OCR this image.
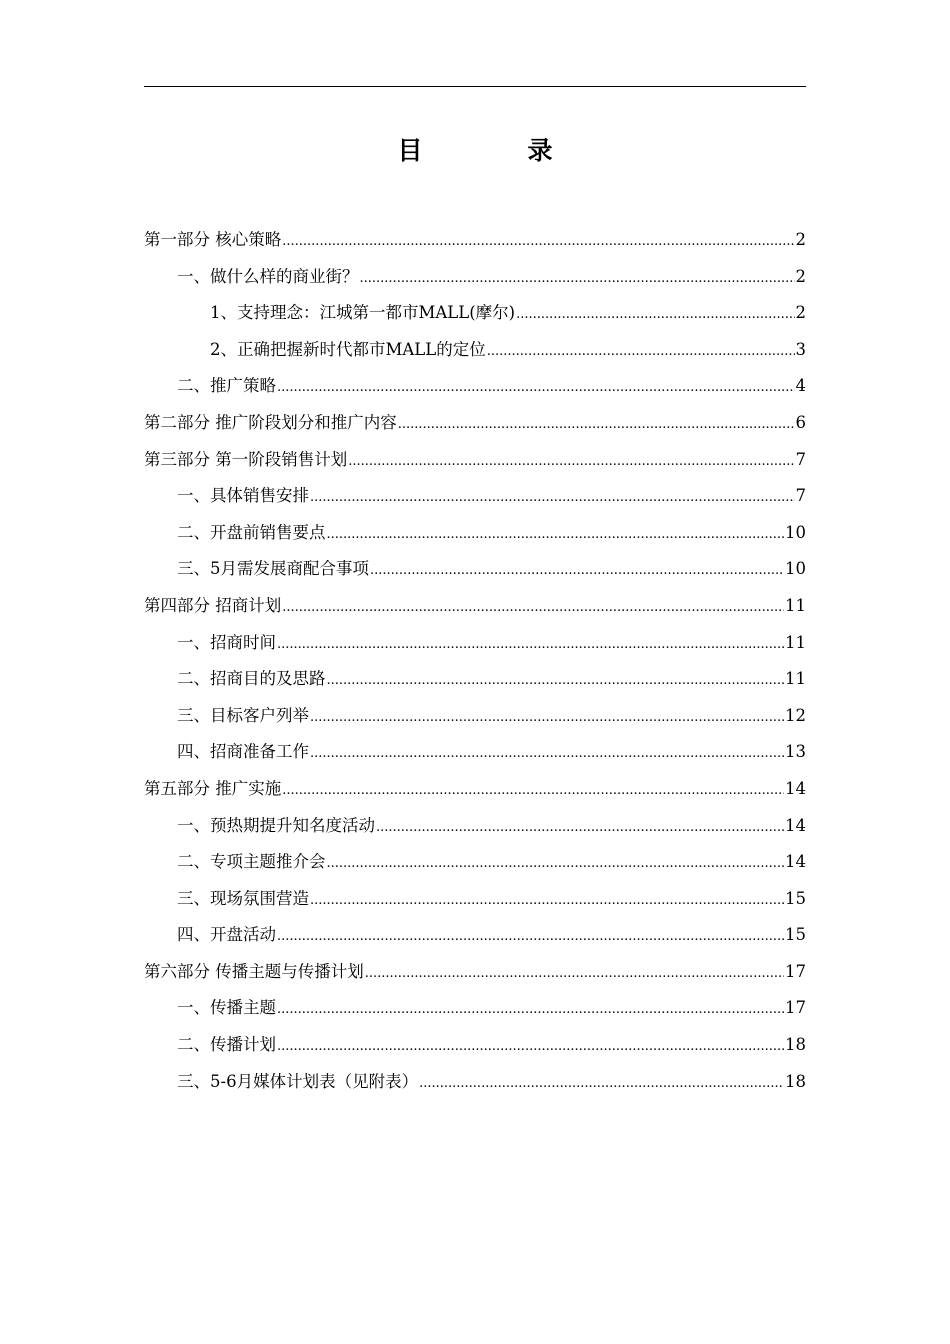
目　录
第一部分 核心策略 .....	2
一、做什么样的商业街？ .....	2
1、支持理念：江城第一都市MALL(摩尔) .....	2
2、正确把握新时代都市MALL的定位 .....	3
二、推广策略 .....	4
第二部分 推广阶段划分和推广内容 .....	6
第三部分 第一阶段销售计划 .....	7
一、具体销售安排 .....	7
二、开盘前销售要点 .....	10
三、5月需发展商配合事项 .....	10
第四部分 招商计划 .....	11
一、招商时间 .....	11
二、招商目的及思路 .....	11
三、目标客户列举 .....	12
四、招商准备工作 .....	13
第五部分 推广实施 .....	14
一、预热期提升知名度活动 .....	14
二、专项主题推介会 .....	14
三、现场氛围营造 .....	15
四、开盘活动 .....	15
第六部分 传播主题与传播计划 .....	17
一、传播主题 .....	17
二、传播计划 .....	18
三、5-6月媒体计划表（见附表） .....	18
